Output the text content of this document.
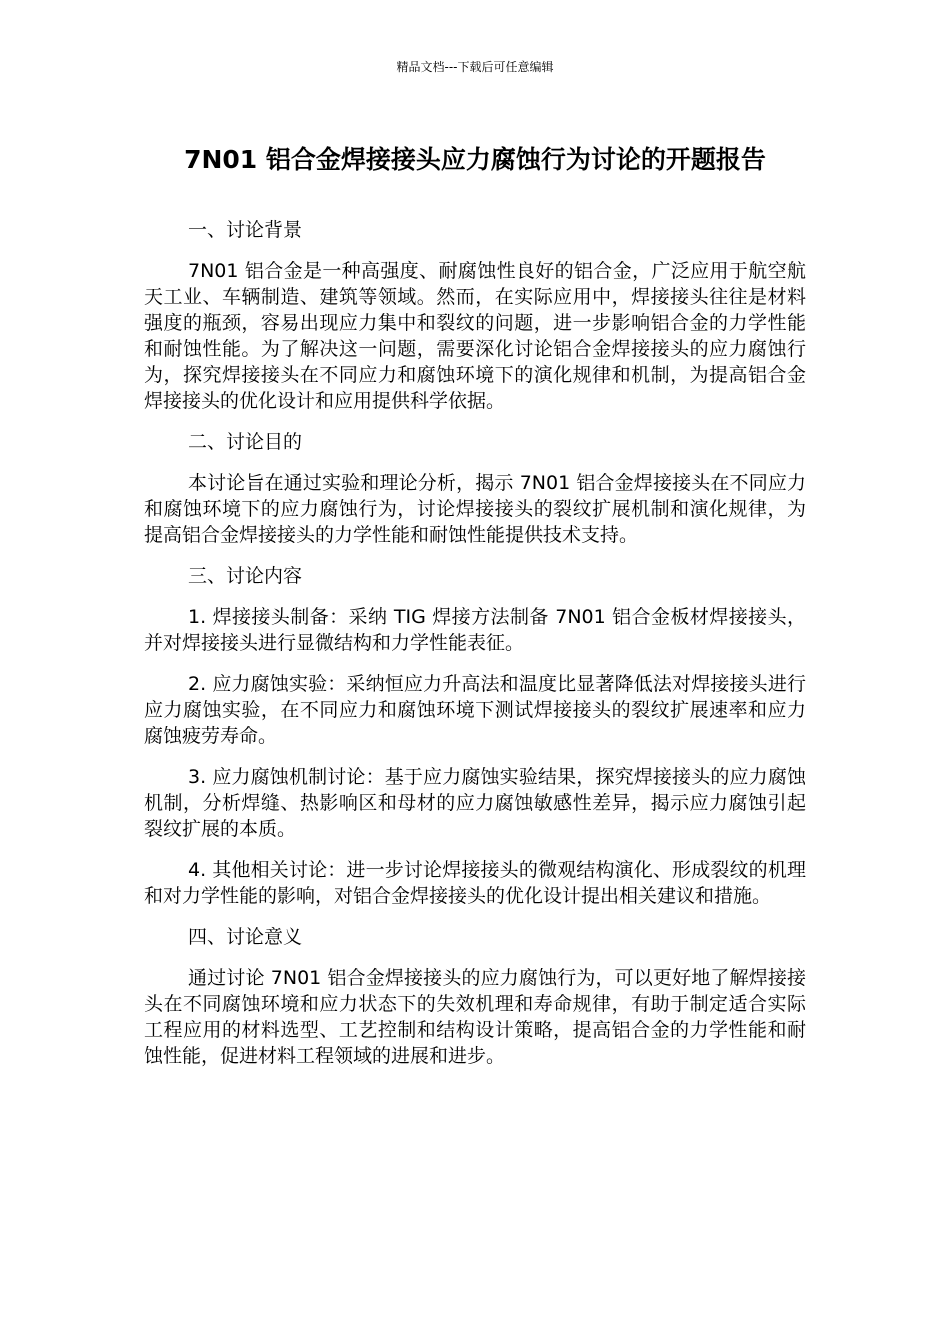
精品文档---下载后可任意编辑
7N01 铝合金焊接接头应力腐蚀行为讨论的开题报告
一、讨论背景

7N01 铝合金是一种高强度、耐腐蚀性良好的铝合金，广泛应用于航空航天工业、车辆制造、建筑等领域。然而，在实际应用中，焊接接头往往是材料强度的瓶颈，容易出现应力集中和裂纹的问题，进一步影响铝合金的力学性能和耐蚀性能。为了解决这一问题，需要深化讨论铝合金焊接接头的应力腐蚀行为，探究焊接接头在不同应力和腐蚀环境下的演化规律和机制，为提高铝合金焊接接头的优化设计和应用提供科学依据。

二、讨论目的

本讨论旨在通过实验和理论分析，揭示 7N01 铝合金焊接接头在不同应力和腐蚀环境下的应力腐蚀行为，讨论焊接接头的裂纹扩展机制和演化规律，为提高铝合金焊接接头的力学性能和耐蚀性能提供技术支持。

三、讨论内容

1. 焊接接头制备：采纳 TIG 焊接方法制备 7N01 铝合金板材焊接接头，并对焊接接头进行显微结构和力学性能表征。

2. 应力腐蚀实验：采纳恒应力升高法和温度比显著降低法对焊接接头进行应力腐蚀实验，在不同应力和腐蚀环境下测试焊接接头的裂纹扩展速率和应力腐蚀疲劳寿命。

3. 应力腐蚀机制讨论：基于应力腐蚀实验结果，探究焊接接头的应力腐蚀机制，分析焊缝、热影响区和母材的应力腐蚀敏感性差异，揭示应力腐蚀引起裂纹扩展的本质。

4. 其他相关讨论：进一步讨论焊接接头的微观结构演化、形成裂纹的机理和对力学性能的影响，对铝合金焊接接头的优化设计提出相关建议和措施。

四、讨论意义

通过讨论 7N01 铝合金焊接接头的应力腐蚀行为，可以更好地了解焊接接头在不同腐蚀环境和应力状态下的失效机理和寿命规律，有助于制定适合实际工程应用的材料选型、工艺控制和结构设计策略，提高铝合金的力学性能和耐蚀性能，促进材料工程领域的进展和进步。
